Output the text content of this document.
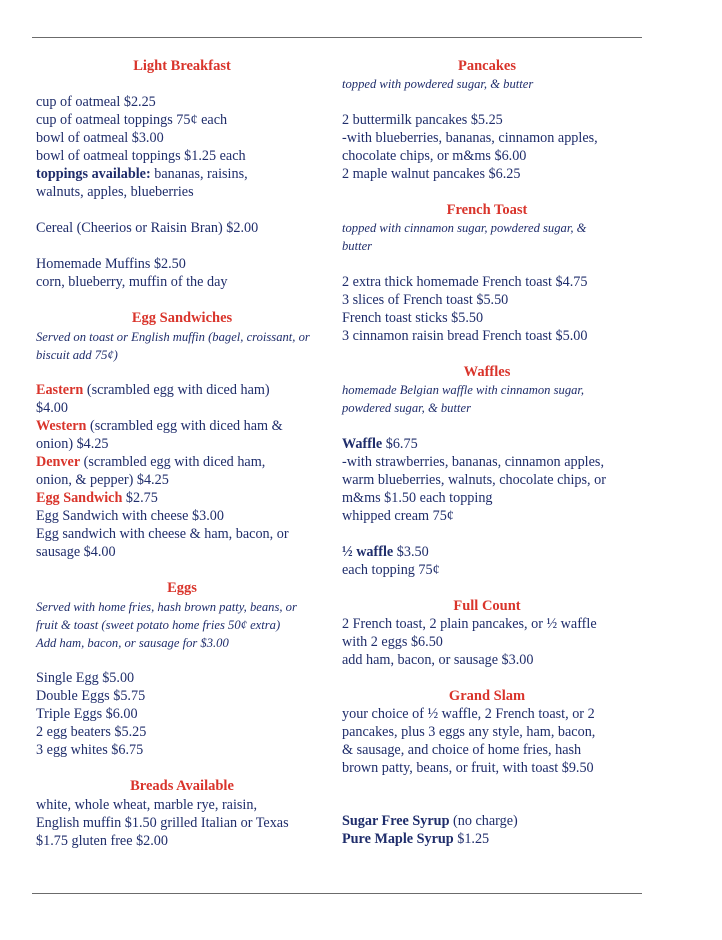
Light Breakfast
cup of oatmeal $2.25
cup of oatmeal toppings 75¢ each
bowl of oatmeal $3.00
bowl of oatmeal toppings $1.25 each
toppings available: bananas, raisins,
walnuts, apples, blueberries
Cereal (Cheerios or Raisin Bran) $2.00
Homemade Muffins $2.50
corn, blueberry, muffin of the day
Egg Sandwiches
Served on toast or English muffin (bagel, croissant, or
biscuit add 75¢)
Eastern (scrambled egg with diced ham)
$4.00
Western (scrambled egg with diced ham &
onion) $4.25
Denver (scrambled egg with diced ham,
onion, & pepper) $4.25
Egg Sandwich $2.75
Egg Sandwich with cheese $3.00
Egg sandwich with cheese & ham, bacon, or
sausage $4.00
Eggs
Served with home fries, hash brown patty, beans, or
fruit & toast (sweet potato home fries 50¢ extra)
Add ham, bacon, or sausage for $3.00
Single Egg $5.00
Double Eggs $5.75
Triple Eggs $6.00
2 egg beaters $5.25
3 egg whites $6.75
Breads Available
white, whole wheat, marble rye, raisin,
English muffin $1.50 grilled Italian or Texas
$1.75 gluten free $2.00
Pancakes
topped with powdered sugar, & butter
2 buttermilk pancakes $5.25
-with blueberries, bananas, cinnamon apples,
chocolate chips, or m&ms $6.00
2 maple walnut pancakes $6.25
French Toast
topped with cinnamon sugar, powdered sugar, &
butter
2 extra thick homemade French toast $4.75
3 slices of French toast $5.50
French toast sticks $5.50
3 cinnamon raisin bread French toast $5.00
Waffles
homemade Belgian waffle with cinnamon sugar,
powdered sugar, & butter
Waffle $6.75
-with strawberries, bananas, cinnamon apples,
warm blueberries, walnuts, chocolate chips, or
m&ms $1.50 each topping
whipped cream 75¢
½ waffle $3.50
each topping 75¢
Full Count
2 French toast, 2 plain pancakes, or ½ waffle
with 2 eggs $6.50
add ham, bacon, or sausage $3.00
Grand Slam
your choice of ½ waffle, 2 French toast, or 2
pancakes, plus 3 eggs any style, ham, bacon,
& sausage, and choice of home fries, hash
brown patty, beans, or fruit, with toast $9.50
Sugar Free Syrup (no charge)
Pure Maple Syrup $1.25
